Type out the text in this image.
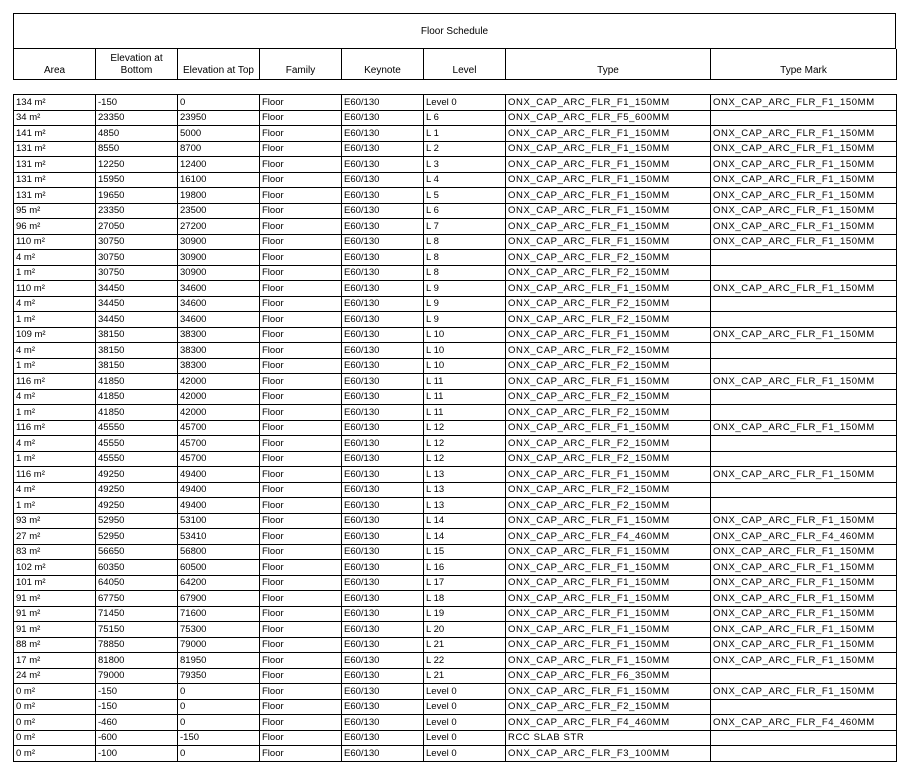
Floor Schedule
Area	Elevation at Bottom	Elevation at Top	Family	Keynote	Level	Type	Type Mark
134 m²	-150	0	Floor	E60/130	Level 0	ONX_CAP_ARC_FLR_F1_150MM	ONX_CAP_ARC_FLR_F1_150MM
34 m²	23350	23950	Floor	E60/130	L 6	ONX_CAP_ARC_FLR_F5_600MM	
141 m²	4850	5000	Floor	E60/130	L 1	ONX_CAP_ARC_FLR_F1_150MM	ONX_CAP_ARC_FLR_F1_150MM
131 m²	8550	8700	Floor	E60/130	L 2	ONX_CAP_ARC_FLR_F1_150MM	ONX_CAP_ARC_FLR_F1_150MM
131 m²	12250	12400	Floor	E60/130	L 3	ONX_CAP_ARC_FLR_F1_150MM	ONX_CAP_ARC_FLR_F1_150MM
131 m²	15950	16100	Floor	E60/130	L 4	ONX_CAP_ARC_FLR_F1_150MM	ONX_CAP_ARC_FLR_F1_150MM
131 m²	19650	19800	Floor	E60/130	L 5	ONX_CAP_ARC_FLR_F1_150MM	ONX_CAP_ARC_FLR_F1_150MM
95 m²	23350	23500	Floor	E60/130	L 6	ONX_CAP_ARC_FLR_F1_150MM	ONX_CAP_ARC_FLR_F1_150MM
96 m²	27050	27200	Floor	E60/130	L 7	ONX_CAP_ARC_FLR_F1_150MM	ONX_CAP_ARC_FLR_F1_150MM
110 m²	30750	30900	Floor	E60/130	L 8	ONX_CAP_ARC_FLR_F1_150MM	ONX_CAP_ARC_FLR_F1_150MM
4 m²	30750	30900	Floor	E60/130	L 8	ONX_CAP_ARC_FLR_F2_150MM	
1 m²	30750	30900	Floor	E60/130	L 8	ONX_CAP_ARC_FLR_F2_150MM	
110 m²	34450	34600	Floor	E60/130	L 9	ONX_CAP_ARC_FLR_F1_150MM	ONX_CAP_ARC_FLR_F1_150MM
4 m²	34450	34600	Floor	E60/130	L 9	ONX_CAP_ARC_FLR_F2_150MM	
1 m²	34450	34600	Floor	E60/130	L 9	ONX_CAP_ARC_FLR_F2_150MM	
109 m²	38150	38300	Floor	E60/130	L 10	ONX_CAP_ARC_FLR_F1_150MM	ONX_CAP_ARC_FLR_F1_150MM
4 m²	38150	38300	Floor	E60/130	L 10	ONX_CAP_ARC_FLR_F2_150MM	
1 m²	38150	38300	Floor	E60/130	L 10	ONX_CAP_ARC_FLR_F2_150MM	
116 m²	41850	42000	Floor	E60/130	L 11	ONX_CAP_ARC_FLR_F1_150MM	ONX_CAP_ARC_FLR_F1_150MM
4 m²	41850	42000	Floor	E60/130	L 11	ONX_CAP_ARC_FLR_F2_150MM	
1 m²	41850	42000	Floor	E60/130	L 11	ONX_CAP_ARC_FLR_F2_150MM	
116 m²	45550	45700	Floor	E60/130	L 12	ONX_CAP_ARC_FLR_F1_150MM	ONX_CAP_ARC_FLR_F1_150MM
4 m²	45550	45700	Floor	E60/130	L 12	ONX_CAP_ARC_FLR_F2_150MM	
1 m²	45550	45700	Floor	E60/130	L 12	ONX_CAP_ARC_FLR_F2_150MM	
116 m²	49250	49400	Floor	E60/130	L 13	ONX_CAP_ARC_FLR_F1_150MM	ONX_CAP_ARC_FLR_F1_150MM
4 m²	49250	49400	Floor	E60/130	L 13	ONX_CAP_ARC_FLR_F2_150MM	
1 m²	49250	49400	Floor	E60/130	L 13	ONX_CAP_ARC_FLR_F2_150MM	
93 m²	52950	53100	Floor	E60/130	L 14	ONX_CAP_ARC_FLR_F1_150MM	ONX_CAP_ARC_FLR_F1_150MM
27 m²	52950	53410	Floor	E60/130	L 14	ONX_CAP_ARC_FLR_F4_460MM	ONX_CAP_ARC_FLR_F4_460MM
83 m²	56650	56800	Floor	E60/130	L 15	ONX_CAP_ARC_FLR_F1_150MM	ONX_CAP_ARC_FLR_F1_150MM
102 m²	60350	60500	Floor	E60/130	L 16	ONX_CAP_ARC_FLR_F1_150MM	ONX_CAP_ARC_FLR_F1_150MM
101 m²	64050	64200	Floor	E60/130	L 17	ONX_CAP_ARC_FLR_F1_150MM	ONX_CAP_ARC_FLR_F1_150MM
91 m²	67750	67900	Floor	E60/130	L 18	ONX_CAP_ARC_FLR_F1_150MM	ONX_CAP_ARC_FLR_F1_150MM
91 m²	71450	71600	Floor	E60/130	L 19	ONX_CAP_ARC_FLR_F1_150MM	ONX_CAP_ARC_FLR_F1_150MM
91 m²	75150	75300	Floor	E60/130	L 20	ONX_CAP_ARC_FLR_F1_150MM	ONX_CAP_ARC_FLR_F1_150MM
88 m²	78850	79000	Floor	E60/130	L 21	ONX_CAP_ARC_FLR_F1_150MM	ONX_CAP_ARC_FLR_F1_150MM
17 m²	81800	81950	Floor	E60/130	L 22	ONX_CAP_ARC_FLR_F1_150MM	ONX_CAP_ARC_FLR_F1_150MM
24 m²	79000	79350	Floor	E60/130	L 21	ONX_CAP_ARC_FLR_F6_350MM	
0 m²	-150	0	Floor	E60/130	Level 0	ONX_CAP_ARC_FLR_F1_150MM	ONX_CAP_ARC_FLR_F1_150MM
0 m²	-150	0	Floor	E60/130	Level 0	ONX_CAP_ARC_FLR_F2_150MM	
0 m²	-460	0	Floor	E60/130	Level 0	ONX_CAP_ARC_FLR_F4_460MM	ONX_CAP_ARC_FLR_F4_460MM
0 m²	-600	-150	Floor	E60/130	Level 0	RCC SLAB STR	
0 m²	-100	0	Floor	E60/130	Level 0	ONX_CAP_ARC_FLR_F3_100MM	
